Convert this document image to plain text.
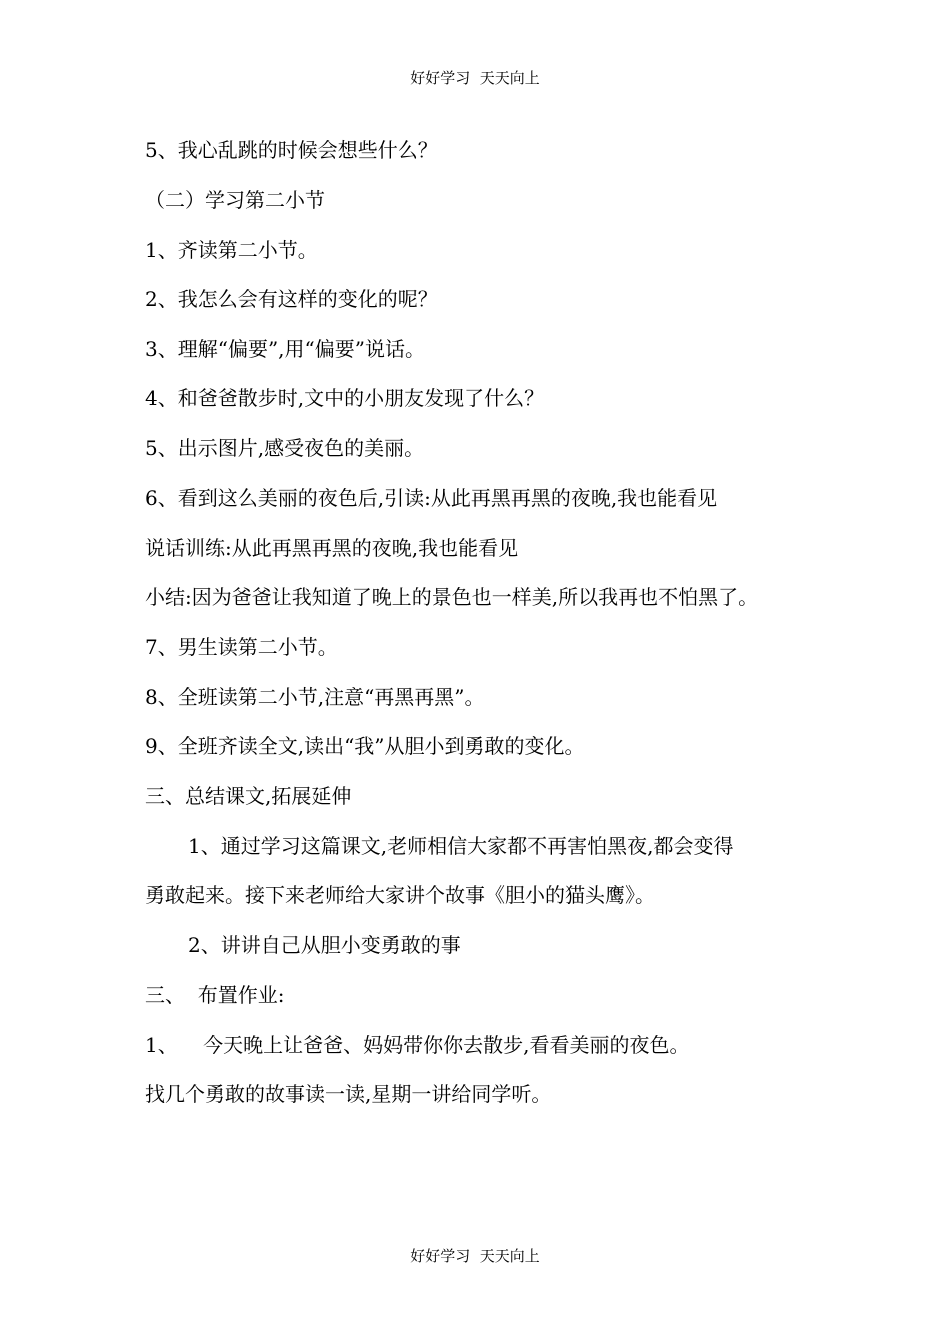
好好学习  天天向上
5、我心乱跳的时候会想些什么？
（二）学习第二小节
1、齐读第二小节。
2、我怎么会有这样的变化的呢？
3、理解“偏要”,用“偏要”说话。
4、和爸爸散步时,文中的小朋友发现了什么？
5、出示图片,感受夜色的美丽。
6、看到这么美丽的夜色后,引读:从此再黑再黑的夜晚,我也能看见
说话训练:从此再黑再黑的夜晚,我也能看见
小结:因为爸爸让我知道了晚上的景色也一样美,所以我再也不怕黑了。
7、男生读第二小节。
8、全班读第二小节,注意“再黑再黑”。
9、全班齐读全文,读出“我”从胆小到勇敢的变化。
三、总结课文,拓展延伸
1、通过学习这篇课文,老师相信大家都不再害怕黑夜,都会变得
勇敢起来。接下来老师给大家讲个故事《胆小的猫头鹰》。
2、讲讲自己从胆小变勇敢的事
三、  布置作业:
1、    今天晚上让爸爸、妈妈带你你去散步,看看美丽的夜色。
找几个勇敢的故事读一读,星期一讲给同学听。
好好学习  天天向上
